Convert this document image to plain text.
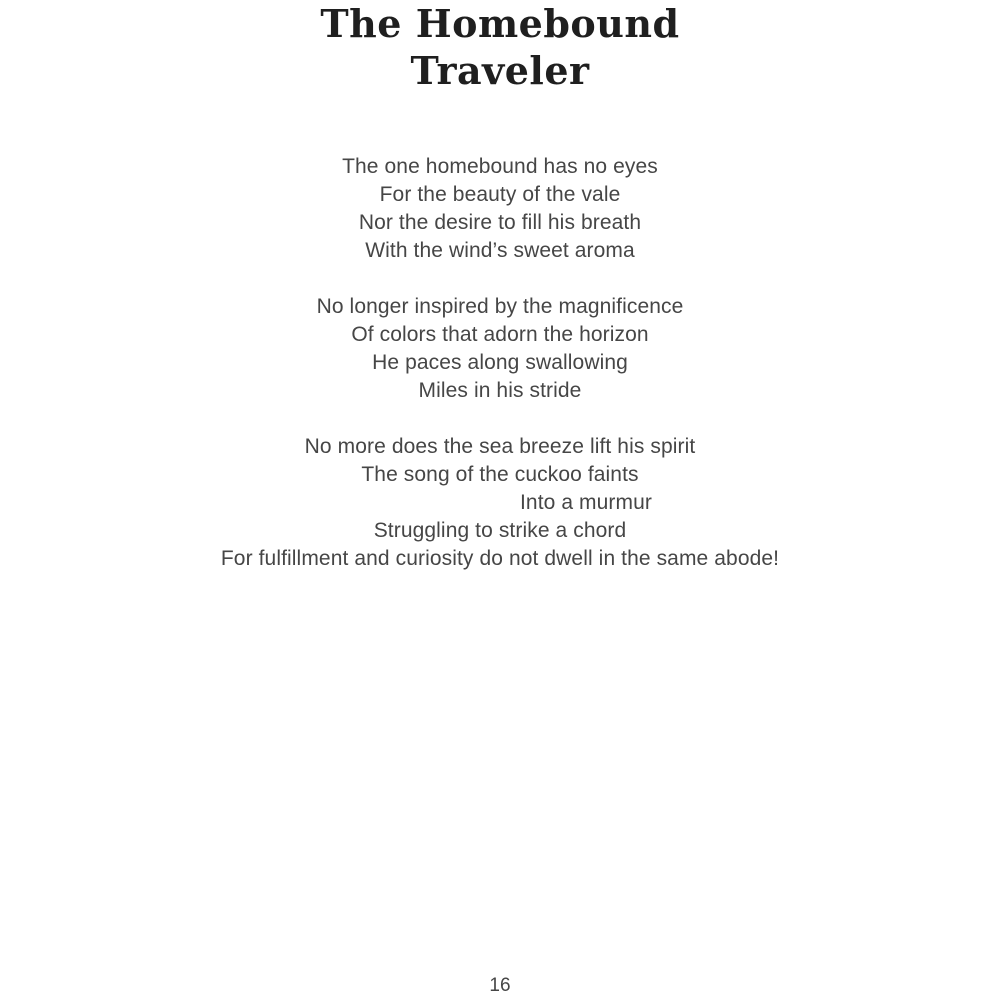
The Homebound
Traveler
The one homebound has no eyes
For the beauty of the vale
Nor the desire to fill his breath
With the wind’s sweet aroma
No longer inspired by the magnificence
Of colors that adorn the horizon
He paces along swallowing
Miles in his stride
No more does the sea breeze lift his spirit
The song of the cuckoo faints
Into a murmur
Struggling to strike a chord
For fulfillment and curiosity do not dwell in the same abode!
16
